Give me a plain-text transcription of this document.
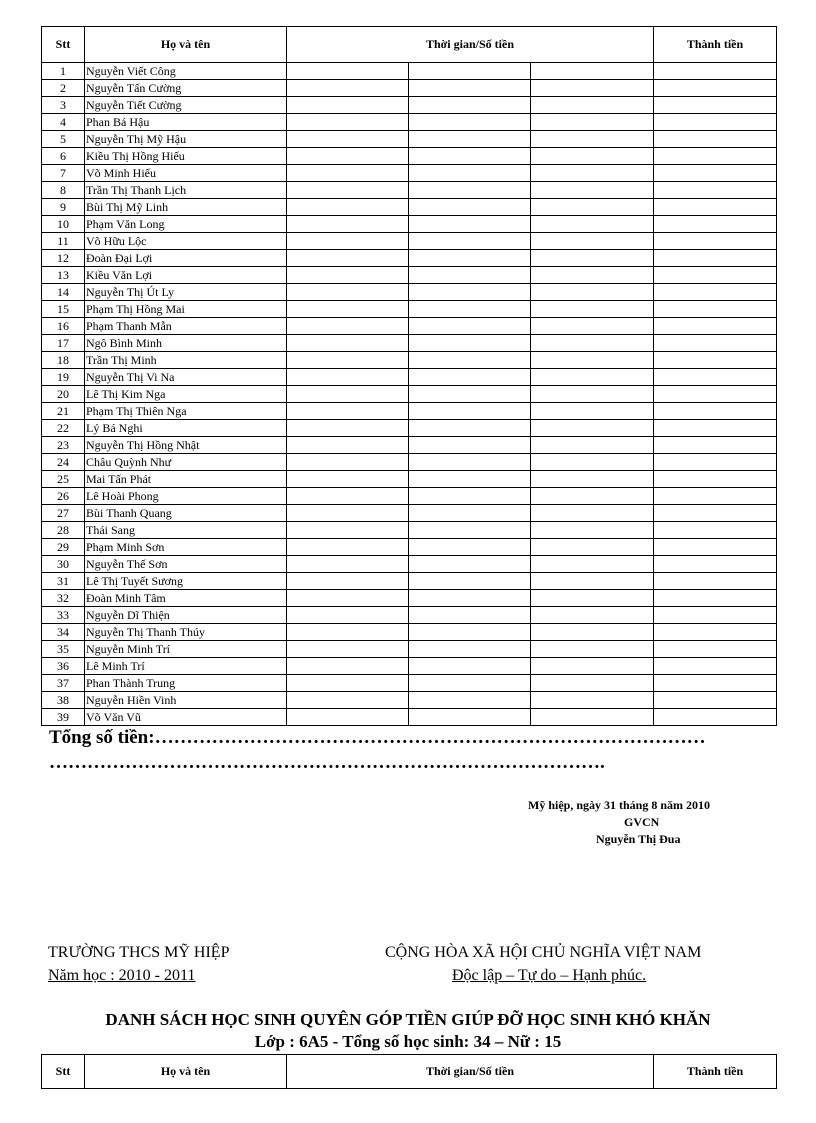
Stt	Họ và tên	Thời gian/Số tiền			Thành tiền
1	Nguyễn Viết Công				
2	Nguyễn Tấn Cường				
3	Nguyễn Tiết Cường				
4	Phan Bá Hậu				
5	Nguyễn Thị Mỹ Hậu				
6	Kiều Thị Hồng Hiếu				
7	Võ Minh Hiếu				
8	Trần Thị Thanh Lịch				
9	Bùi Thị Mỹ Linh				
10	Phạm Văn Long				
11	Võ Hữu Lộc				
12	Đoàn Đại Lợi				
13	Kiều Văn Lợi				
14	Nguyễn Thị Út Ly				
15	Phạm Thị Hồng Mai				
16	Phạm Thanh Mẫn				
17	Ngô Bình Minh				
18	Trần Thị Minh				
19	Nguyễn Thị Vi Na				
20	Lê Thị Kim Nga				
21	Phạm Thị Thiên Nga				
22	Lý Bá Nghi				
23	Nguyễn Thị Hồng Nhật				
24	Châu Quỳnh Như				
25	Mai Tấn Phát				
26	Lê Hoài Phong				
27	Bùi Thanh Quang				
28	Thái Sang				
29	Phạm Minh Sơn				
30	Nguyễn Thế Sơn				
31	Lê Thị Tuyết Sương				
32	Đoàn Minh Tâm				
33	Nguyễn Dĩ Thiện				
34	Nguyễn Thị Thanh Thúy				
35	Nguyễn Minh Trí				
36	Lê Minh Trí				
37	Phan Thành Trung				
38	Nguyễn Hiền Vinh				
39	Võ Văn Vũ				
Tổng số tiền:……………………………………………………………………………
…………………………………………………………………………….
Mỹ hiệp, ngày 31 tháng 8 năm 2010
GVCN
Nguyễn Thị Đua
TRƯỜNG THCS MỸ HIỆP
Năm học : 2010 - 2011
CỘNG HÒA XÃ HỘI CHỦ NGHĨA VIỆT NAM
Độc lập – Tự do – Hạnh phúc.
DANH SÁCH HỌC SINH QUYÊN GÓP TIỀN GIÚP ĐỠ HỌC SINH KHÓ KHĂN
Lớp : 6A5 - Tổng số học sinh: 34 – Nữ : 15
Stt	Họ và tên	Thời gian/Số tiền	Thành tiền
